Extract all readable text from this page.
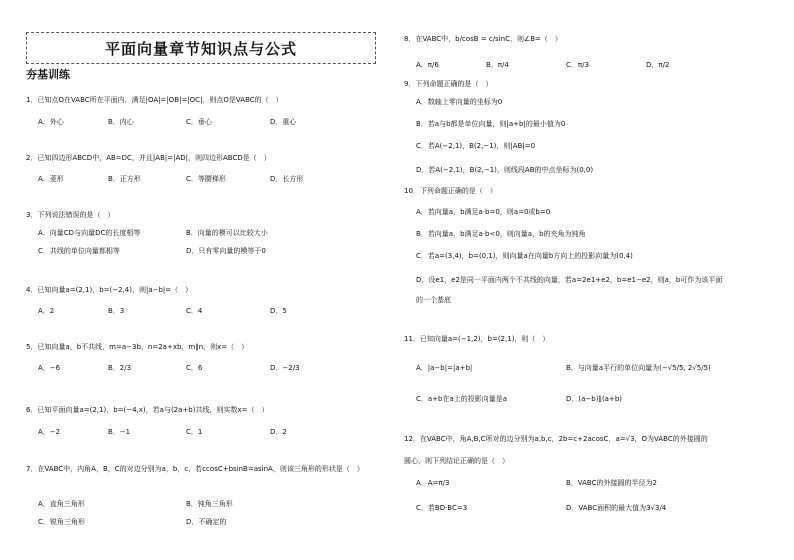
平面向量章节知识点与公式
夯基训练
1．已知点O在VABC所在平面内，满足|OA|=|OB|=|OC|，则点O是VABC的（　）
A．外心	B．内心	C．垂心	D．重心
2．已知四边形ABCD中，AB=DC，并且|AB|=|AD|，则四边形ABCD是（　）
A．菱形	B．正方形	C．等腰梯形	D．长方形
3．下列说法错误的是（　）
A．向量CD与向量DC的长度相等	B．向量的模可以比较大小
C．共线的单位向量都相等	D．只有零向量的模等于0
4．已知向量a=(2,1)，b=(−2,4)，则|a−b|=（　）
A．2	B．3	C．4	D．5
5．已知向量a，b不共线，m=a−3b，n=2a+xb，m∥n，则x=（　）
A．−6	B．2/3	C．6	D．−2/3
6．已知平面向量a=(2,1)，b=(−4,x)，若a与(2a+b)共线，则实数x=（　）
A．−2	B．−1	C．1	D．2
7．在VABC中，内角A，B，C的对边分别为a，b，c，若ccosC+bsinB=asinA，则该三角形的形状是（　）
A．直角三角形	B．钝角三角形
C．锐角三角形	D．不确定的
8．在VABC中，b/cosB = c/sinC，则∠B=（　）
A．π/6	B．π/4	C．π/3	D．π/2
9．下列命题正确的是（　）
A．数轴上零向量的坐标为0
B．若a与b都是单位向量，则|a+b|的最小值为0
C．若A(−2,1)，B(2,−1)，则|AB|=0
D．若A(−2,1)，B(2,−1)，则线段AB的中点坐标为(0,0)
10．下列命题正确的是（　）
A．若向量a，b满足a·b=0，则a=0或b=0
B．若向量a，b满足a·b<0，则向量a，b的夹角为钝角
C．若a=(3,4)，b=(0,1)，则向量a在向量b方向上的投影向量为(0,4)
D．设e1，e2是同一平面内两个不共线的向量，若a=2e1+e2，b=e1−e2，则a，b可作为该平面
的一个基底
11．已知向量a=(−1,2)，b=(2,1)，则（　）
A．|a−b|=|a+b|	B．与向量a平行的单位向量为(−√5/5, 2√5/5)
C．a+b在a上的投影向量是a	D．(a−b)∥(a+b)
12．在VABC中，角A,B,C所对的边分别为a,b,c，2b=c+2acosC，a=√3，O为VABC的外接圆的
圆心，则下列结论正确的是（　）
A．A=π/3	B．VABC的外接圆的半径为2
C．若BD·BC=3	D．VABC面积的最大值为3√3/4
